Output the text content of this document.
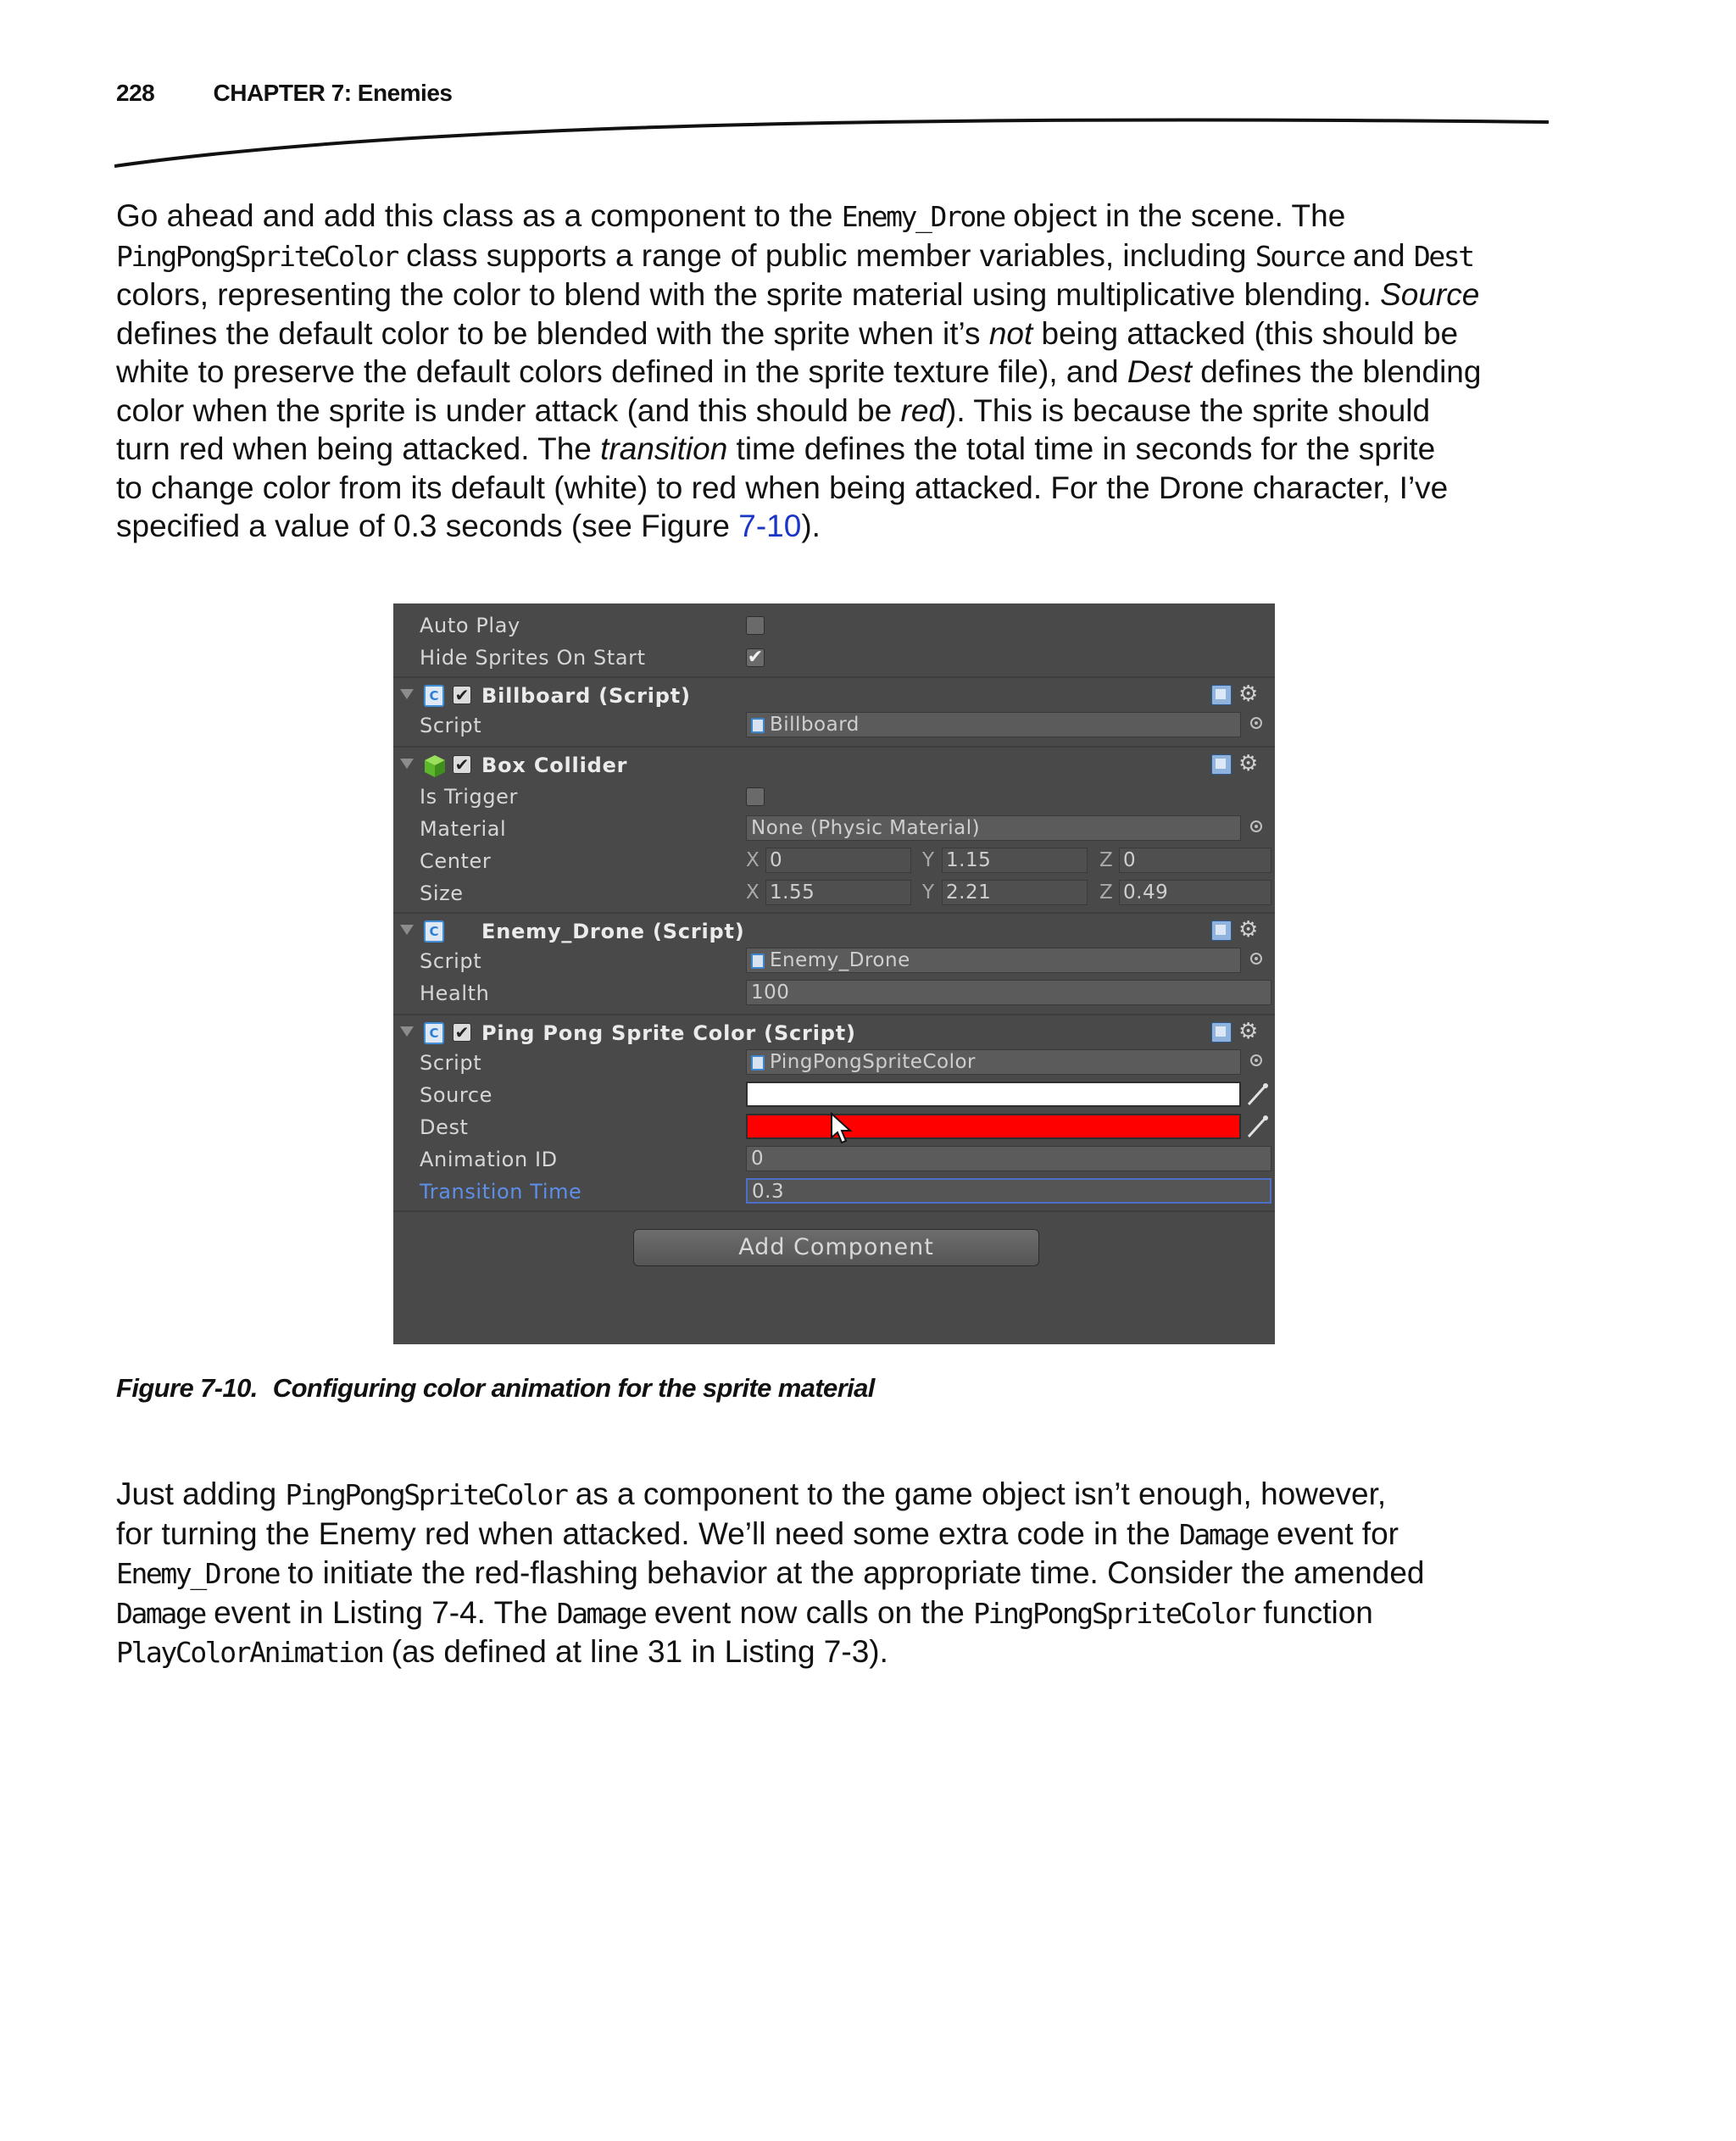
228 CHAPTER 7: Enemies
Go ahead and add this class as a component to the Enemy_Drone object in the scene. The
PingPongSpriteColor class supports a range of public member variables, including Source and Dest
colors, representing the color to blend with the sprite material using multiplicative blending. Source
defines the default color to be blended with the sprite when it’s not being attacked (this should be
white to preserve the default colors defined in the sprite texture file), and Dest defines the blending
color when the sprite is under attack (and this should be red). This is because the sprite should
turn red when being attacked. The transition time defines the total time in seconds for the sprite
to change color from its default (white) to red when being attacked. For the Drone character, I’ve
specified a value of 0.3 seconds (see Figure 7-10).
Auto Play
Hide Sprites On Start	✔
C ✔ Billboard (Script)	⚙
Script	Billboard
✔ Box Collider	⚙
Is Trigger
Material	None (Physic Material)
Center	X 0	Y 1.15	Z 0
Size	X 1.55	Y 2.21	Z 0.49
C Enemy_Drone (Script)	⚙
Script	Enemy_Drone
Health	100
C ✔ Ping Pong Sprite Color (Script)	⚙
Script	PingPongSpriteColor
Source
Dest
Animation ID	0
Transition Time	0.3
Add Component
Figure 7-10. Configuring color animation for the sprite material
Just adding PingPongSpriteColor as a component to the game object isn’t enough, however,
for turning the Enemy red when attacked. We’ll need some extra code in the Damage event for
Enemy_Drone to initiate the red-flashing behavior at the appropriate time. Consider the amended
Damage event in Listing 7-4. The Damage event now calls on the PingPongSpriteColor function
PlayColorAnimation (as defined at line 31 in Listing 7-3).
